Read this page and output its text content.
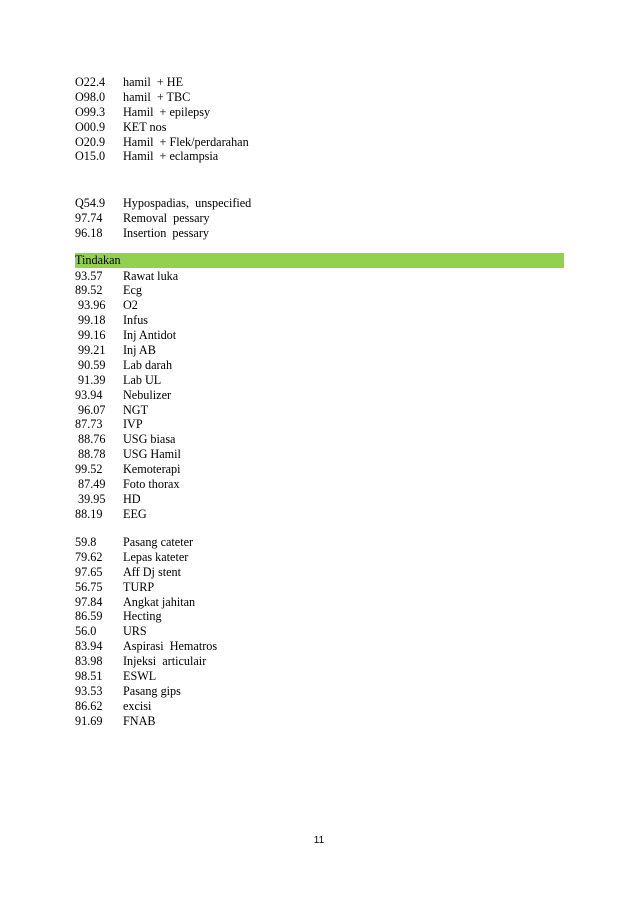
O22.4 hamil  + HE
O98.0 hamil  + TBC
O99.3 Hamil  + epilepsy
O00.9 KET nos
O20.9 Hamil  + Flek/perdarahan
O15.0 Hamil  + eclampsia
Q54.9 Hypospadias,  unspecified
97.74 Removal  pessary
96.18 Insertion  pessary
Tindakan
93.57 Rawat luka
89.52 Ecg
93.96 O2
99.18 Infus
99.16 Inj Antidot
99.21 Inj AB
90.59 Lab darah
91.39 Lab UL
93.94 Nebulizer
96.07 NGT
87.73 IVP
88.76 USG biasa
88.78 USG Hamil
99.52 Kemoterapi
87.49 Foto thorax
39.95 HD
88.19 EEG
59.8 Pasang cateter
79.62 Lepas kateter
97.65 Aff Dj stent
56.75 TURP
97.84 Angkat jahitan
86.59 Hecting
56.0 URS
83.94 Aspirasi  Hematros
83.98 Injeksi  articulair
98.51 ESWL
93.53 Pasang gips
86.62 excisi
91.69 FNAB
11
